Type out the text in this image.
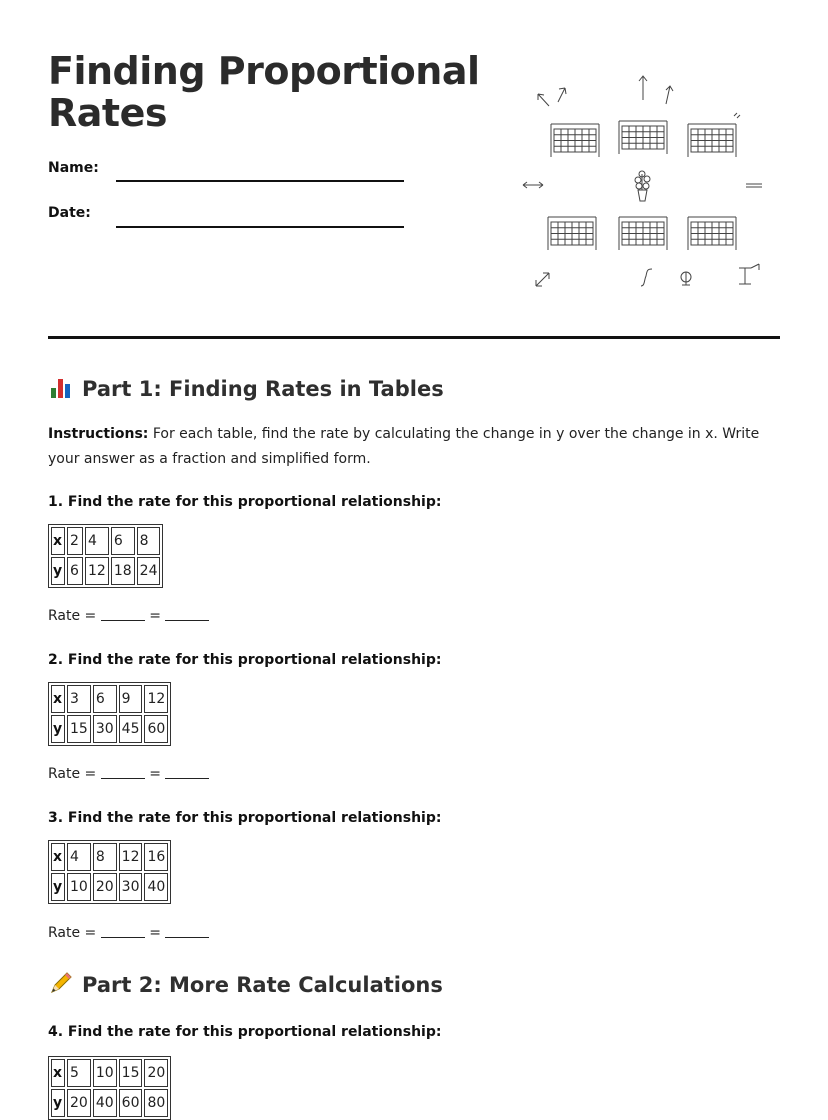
Finding Proportional
Rates
Name:
Date:
Part 1: Finding Rates in Tables

Instructions: For each table, find the rate by calculating the change in y over the change in x. Write your answer as a fraction and simplified form.

1. Find the rate for this proportional relationship:

x	2	4	6	8
y	6	12	18	24
Rate =	=

2. Find the rate for this proportional relationship:

x	3	6	9	12
y	15	30	45	60
Rate =	=

3. Find the rate for this proportional relationship:

x	4	8	12	16
y	10	20	30	40
Rate =	=
Part 2: More Rate Calculations

4. Find the rate for this proportional relationship:

x	5	10	15	20
y	20	40	60	80
